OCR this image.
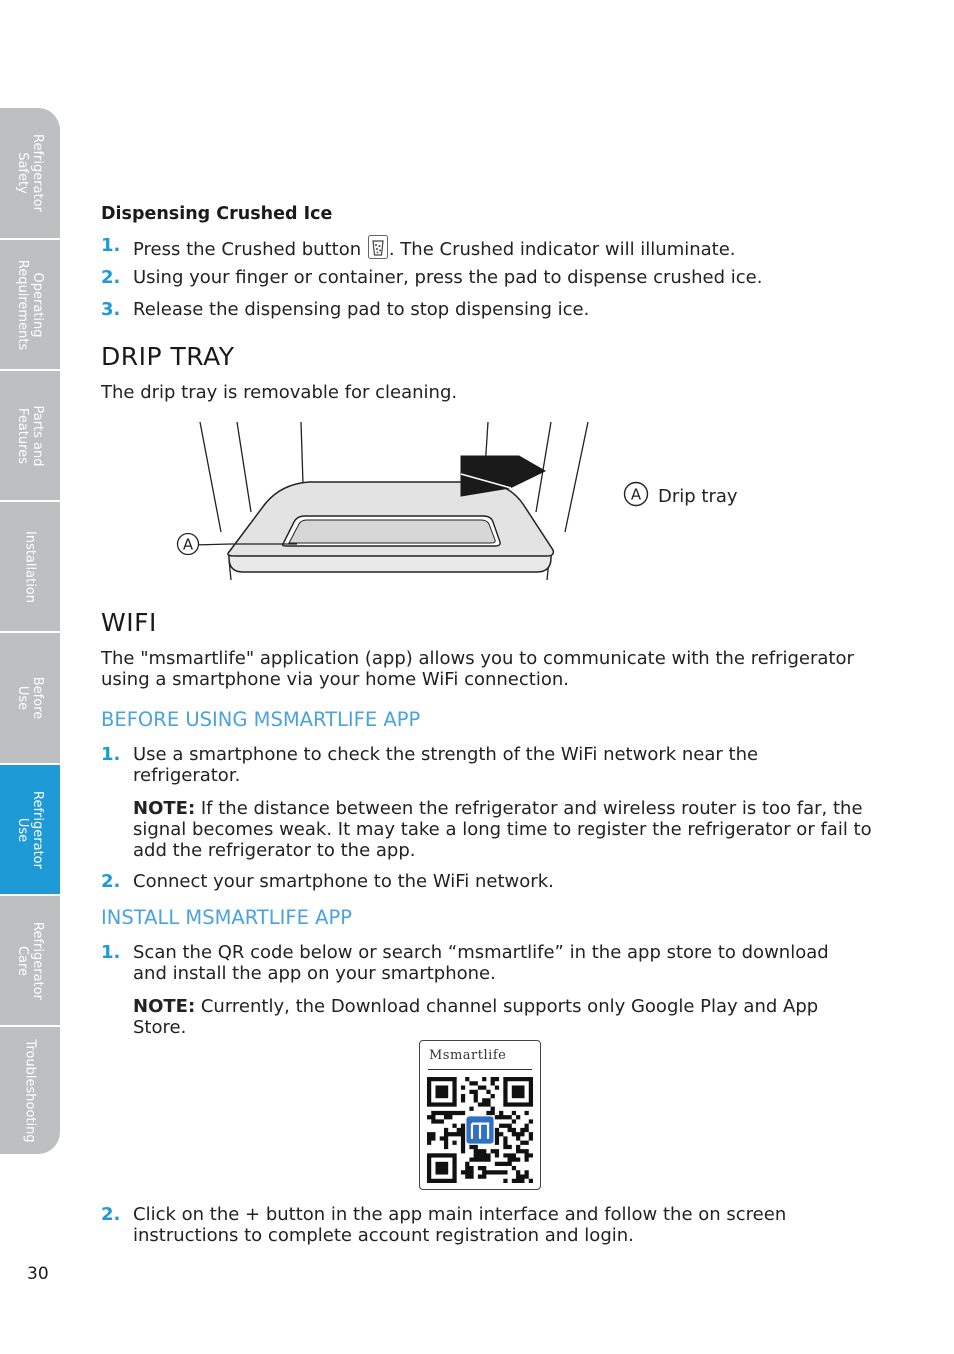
Refrigerator
Safety
Operating
Requirements
Parts and
Features
Installation
Before
Use
Refrigerator
Use
Refrigerator
Care
Troubleshooting
Dispensing Crushed Ice
1. Press the Crushed button . The Crushed indicator will illuminate.
2. Using your finger or container, press the pad to dispense crushed ice.
3. Release the dispensing pad to stop dispensing ice.
DRIP TRAY
The drip tray is removable for cleaning.
A
A Drip tray
WIFI
The "msmartlife" application (app) allows you to communicate with the refrigerator using a smartphone via your home WiFi connection.
BEFORE USING MSMARTLIFE APP
1. Use a smartphone to check the strength of the WiFi network near the refrigerator.
NOTE: If the distance between the refrigerator and wireless router is too far, the signal becomes weak. It may take a long time to register the refrigerator or fail to add the refrigerator to the app.
2. Connect your smartphone to the WiFi network.
INSTALL MSMARTLIFE APP
1. Scan the QR code below or search “msmartlife” in the app store to download and install the app on your smartphone.
NOTE: Currently, the Download channel supports only Google Play and App Store.
Msmartlife
2. Click on the + button in the app main interface and follow the on screen instructions to complete account registration and login.
30
